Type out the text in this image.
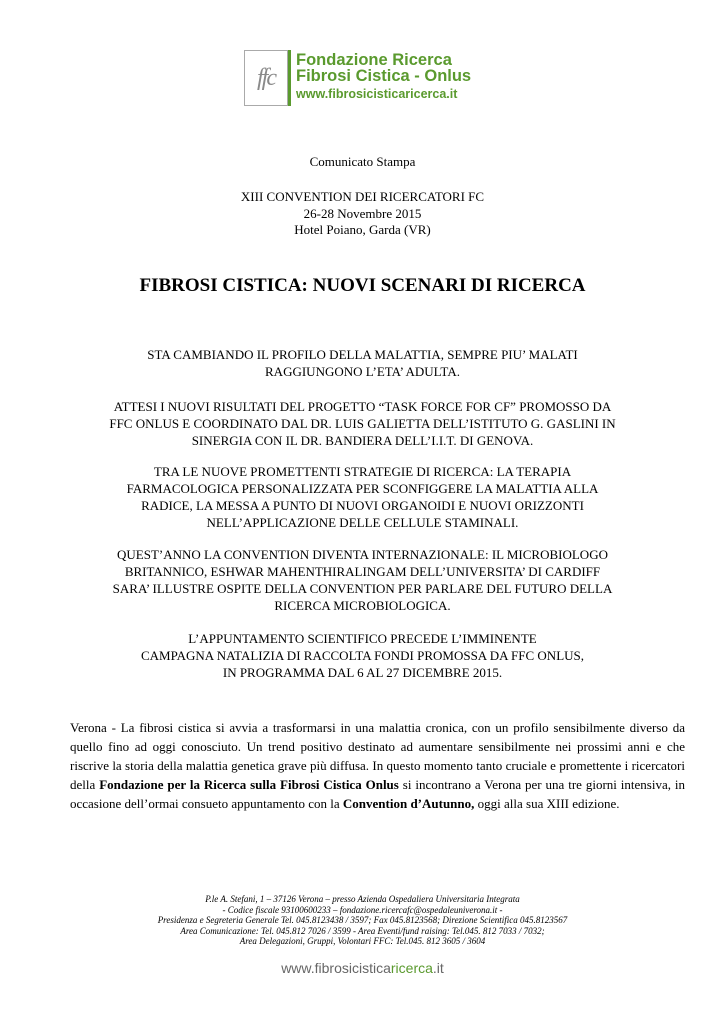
ffc
Fondazione Ricerca
Fibrosi Cistica - Onlus
www.fibrosicisticaricerca.it
Comunicato Stampa
XIII CONVENTION DEI RICERCATORI FC
26-28 Novembre 2015
Hotel Poiano, Garda (VR)
FIBROSI CISTICA: NUOVI SCENARI DI RICERCA
STA CAMBIANDO IL PROFILO DELLA MALATTIA, SEMPRE PIU’ MALATI
RAGGIUNGONO L’ETA’ ADULTA.
ATTESI I NUOVI RISULTATI DEL PROGETTO “TASK FORCE FOR CF” PROMOSSO DA
FFC ONLUS E COORDINATO DAL DR. LUIS GALIETTA DELL’ISTITUTO G. GASLINI IN
SINERGIA CON IL DR. BANDIERA DELL’I.I.T. DI GENOVA.
TRA LE NUOVE PROMETTENTI STRATEGIE DI RICERCA: LA TERAPIA
FARMACOLOGICA PERSONALIZZATA PER SCONFIGGERE LA MALATTIA ALLA
RADICE, LA MESSA A PUNTO DI NUOVI ORGANOIDI E NUOVI ORIZZONTI
NELL’APPLICAZIONE DELLE CELLULE STAMINALI.
QUEST’ANNO LA CONVENTION DIVENTA INTERNAZIONALE: IL MICROBIOLOGO
BRITANNICO, ESHWAR MAHENTHIRALINGAM DELL’UNIVERSITA’ DI CARDIFF
SARA’ ILLUSTRE OSPITE DELLA CONVENTION PER PARLARE DEL FUTURO DELLA
RICERCA MICROBIOLOGICA.
L’APPUNTAMENTO SCIENTIFICO PRECEDE L’IMMINENTE
CAMPAGNA NATALIZIA DI RACCOLTA FONDI PROMOSSA DA FFC ONLUS,
IN PROGRAMMA DAL 6 AL 27 DICEMBRE 2015.
Verona - La fibrosi cistica si avvia a trasformarsi in una malattia cronica, con un profilo sensibilmente diverso da quello fino ad oggi conosciuto. Un trend positivo destinato ad aumentare sensibilmente nei prossimi anni e che riscrive la storia della malattia genetica grave più diffusa. In questo momento tanto cruciale e promettente i ricercatori della Fondazione per la Ricerca sulla Fibrosi Cistica Onlus si incontrano a Verona per una tre giorni intensiva, in occasione dell’ormai consueto appuntamento con la Convention d’Autunno, oggi alla sua XIII edizione.
P.le A. Stefani, 1 – 37126 Verona – presso Azienda Ospedaliera Universitaria Integrata
- Codice fiscale 93100600233 – fondazione.ricercafc@ospedaleuniverona.it -
Presidenza e Segreteria Generale Tel. 045.8123438 / 3597; Fax 045.8123568; Direzione Scientifica 045.8123567
Area Comunicazione: Tel. 045.812 7026 / 3599 - Area Eventi/fund raising: Tel.045. 812 7033 / 7032;
Area Delegazioni, Gruppi, Volontari FFC: Tel.045. 812 3605 / 3604
www.fibrosicisticaricerca.it
